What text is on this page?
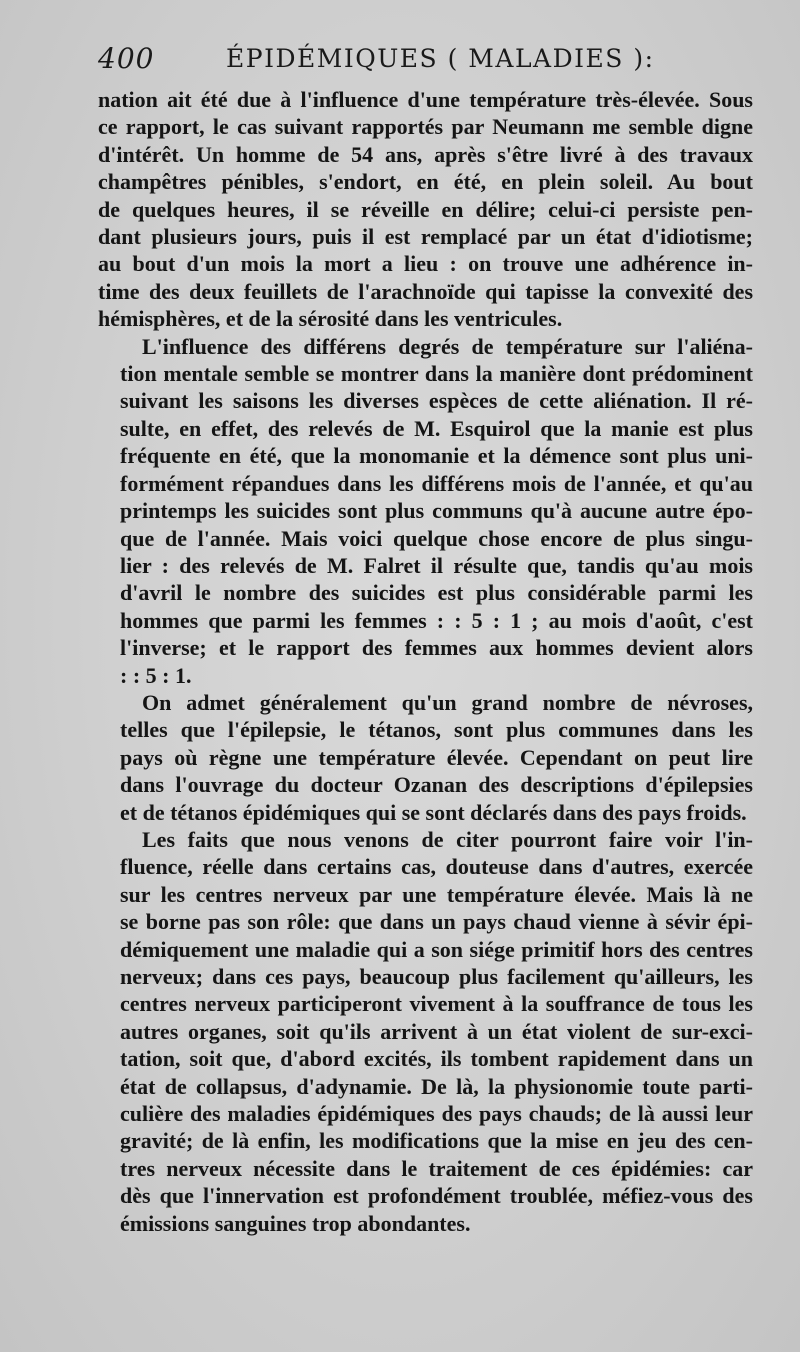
400	ÉPIDÉMIQUES ( MALADIES ):
nation ait été due à l'influence d'une température très-élevée. Sous
ce rapport, le cas suivant rapportés par Neumann me semble digne
d'intérêt. Un homme de 54 ans, après s'être livré à des travaux
champêtres pénibles, s'endort, en été, en plein soleil. Au bout
de quelques heures, il se réveille en délire; celui-ci persiste pen-
dant plusieurs jours, puis il est remplacé par un état d'idiotisme;
au bout d'un mois la mort a lieu : on trouve une adhérence in-
time des deux feuillets de l'arachnoïde qui tapisse la convexité des
hémisphères, et de la sérosité dans les ventricules.
L'influence des différens degrés de température sur l'aliéna-
tion mentale semble se montrer dans la manière dont prédominent
suivant les saisons les diverses espèces de cette aliénation. Il ré-
sulte, en effet, des relevés de M. Esquirol que la manie est plus
fréquente en été, que la monomanie et la démence sont plus uni-
formément répandues dans les différens mois de l'année, et qu'au
printemps les suicides sont plus communs qu'à aucune autre épo-
que de l'année. Mais voici quelque chose encore de plus singu-
lier : des relevés de M. Falret il résulte que, tandis qu'au mois
d'avril le nombre des suicides est plus considérable parmi les
hommes que parmi les femmes : : 5 : 1 ; au mois d'août, c'est
l'inverse; et le rapport des femmes aux hommes devient alors
: : 5 : 1.
On admet généralement qu'un grand nombre de névroses,
telles que l'épilepsie, le tétanos, sont plus communes dans les
pays où règne une température élevée. Cependant on peut lire
dans l'ouvrage du docteur Ozanan des descriptions d'épilepsies
et de tétanos épidémiques qui se sont déclarés dans des pays froids.
Les faits que nous venons de citer pourront faire voir l'in-
fluence, réelle dans certains cas, douteuse dans d'autres, exercée
sur les centres nerveux par une température élevée. Mais là ne
se borne pas son rôle: que dans un pays chaud vienne à sévir épi-
démiquement une maladie qui a son siége primitif hors des centres
nerveux; dans ces pays, beaucoup plus facilement qu'ailleurs, les
centres nerveux participeront vivement à la souffrance de tous les
autres organes, soit qu'ils arrivent à un état violent de sur-exci-
tation, soit que, d'abord excités, ils tombent rapidement dans un
état de collapsus, d'adynamie. De là, la physionomie toute parti-
culière des maladies épidémiques des pays chauds; de là aussi leur
gravité; de là enfin, les modifications que la mise en jeu des cen-
tres nerveux nécessite dans le traitement de ces épidémies: car
dès que l'innervation est profondément troublée, méfiez-vous des
émissions sanguines trop abondantes.
